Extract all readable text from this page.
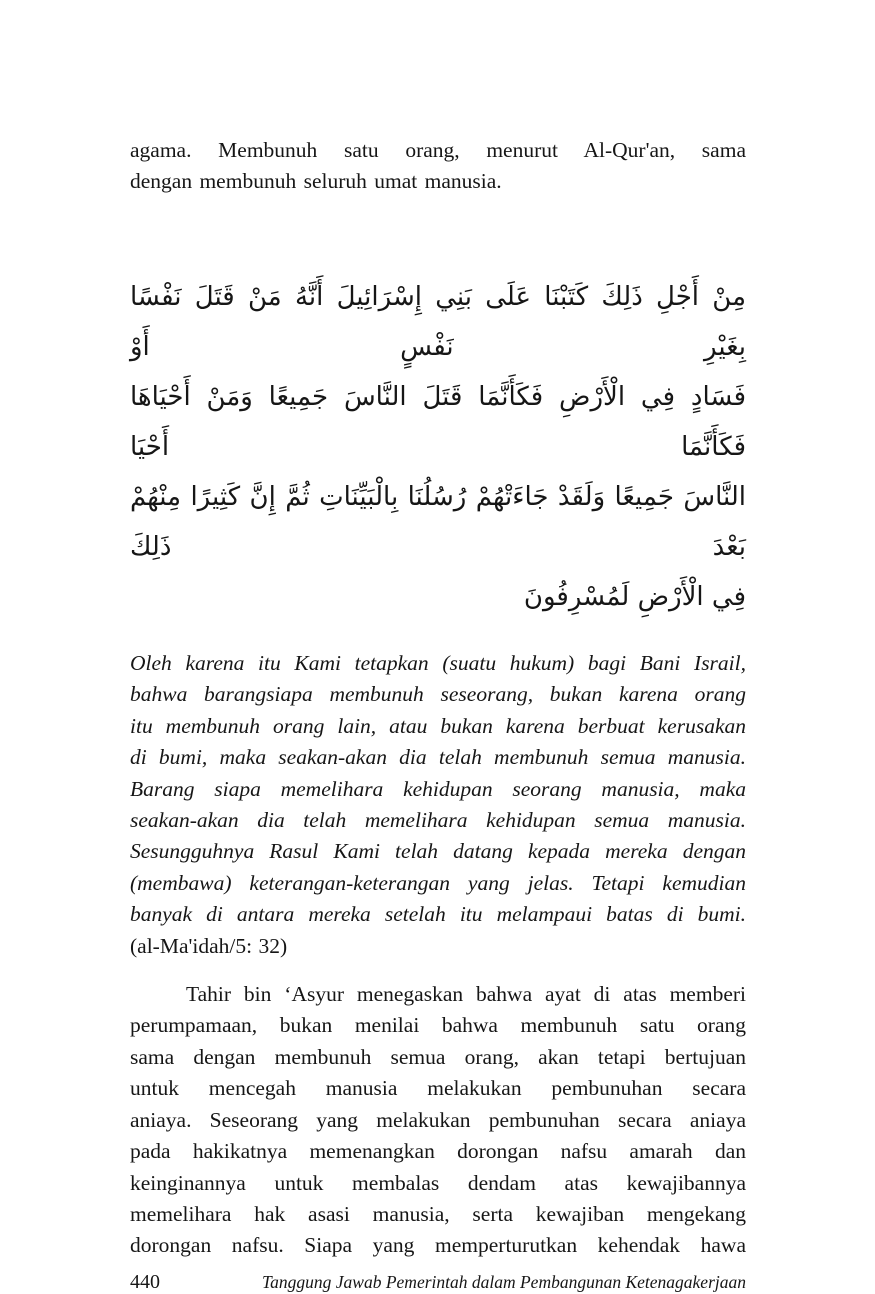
agama. Membunuh satu orang, menurut Al-Qur'an, sama
dengan membunuh seluruh umat manusia.
مِنْ أَجْلِ ذَلِكَ كَتَبْنَا عَلَى بَنِي إِسْرَائِيلَ أَنَّهُ مَنْ قَتَلَ نَفْسًا بِغَيْرِ نَفْسٍ أَوْ
فَسَادٍ فِي الْأَرْضِ فَكَأَنَّمَا قَتَلَ النَّاسَ جَمِيعًا وَمَنْ أَحْيَاهَا فَكَأَنَّمَا أَحْيَا
النَّاسَ جَمِيعًا وَلَقَدْ جَاءَتْهُمْ رُسُلُنَا بِالْبَيِّنَاتِ ثُمَّ إِنَّ كَثِيرًا مِنْهُمْ بَعْدَ ذَلِكَ
فِي الْأَرْضِ لَمُسْرِفُونَ
Oleh karena itu Kami tetapkan (suatu hukum) bagi Bani Israil,
bahwa barangsiapa membunuh seseorang, bukan karena orang
itu membunuh orang lain, atau bukan karena berbuat kerusakan
di bumi, maka seakan-akan dia telah membunuh semua manusia.
Barang siapa memelihara kehidupan seorang manusia, maka
seakan-akan dia telah memelihara kehidupan semua manusia.
Sesungguhnya Rasul Kami telah datang kepada mereka dengan
(membawa) keterangan-keterangan yang jelas. Tetapi kemudian
banyak di antara mereka setelah itu melampaui batas di bumi.
(al-Ma'idah/5: 32)
Tahir bin ‘Asyur menegaskan bahwa ayat di atas memberi
perumpamaan, bukan menilai bahwa membunuh satu orang
sama dengan membunuh semua orang, akan tetapi bertujuan
untuk mencegah manusia melakukan pembunuhan secara
aniaya. Seseorang yang melakukan pembunuhan secara aniaya
pada hakikatnya memenangkan dorongan nafsu amarah dan
keinginannya untuk membalas dendam atas kewajibannya
memelihara hak asasi manusia, serta kewajiban mengekang
dorongan nafsu. Siapa yang memperturutkan kehendak hawa
440	Tanggung Jawab Pemerintah dalam Pembangunan Ketenagakerjaan
